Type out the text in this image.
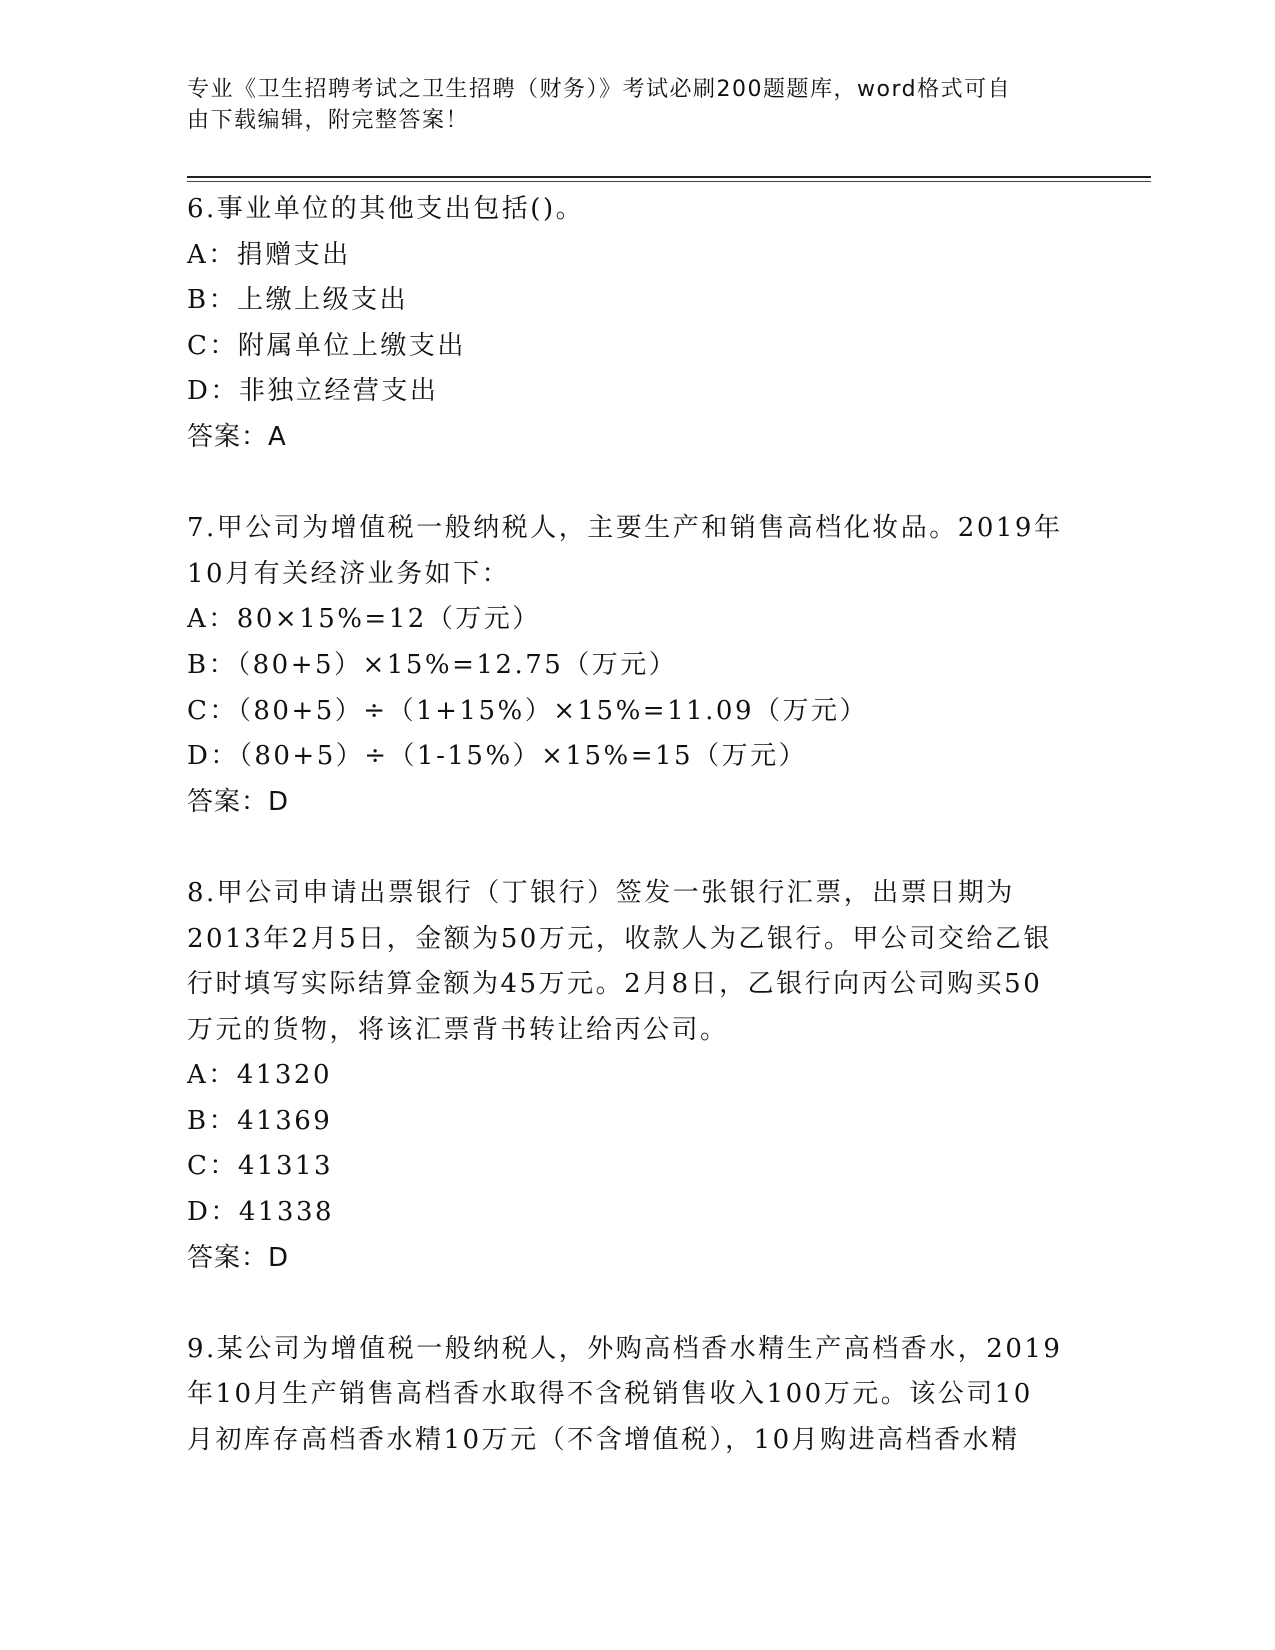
专业《卫生招聘考试之卫生招聘（财务）》考试必刷200题题库，word格式可自
由下载编辑，附完整答案！
6.事业单位的其他支出包括()。
A：捐赠支出
B：上缴上级支出
C：附属单位上缴支出
D：非独立经营支出
答案：A
7.甲公司为增值税一般纳税人，主要生产和销售高档化妆品。2019年
10月有关经济业务如下：
A：80×15%=12（万元）
B：（80+5）×15%=12.75（万元）
C：（80+5）÷（1+15%）×15%=11.09（万元）
D：（80+5）÷（1-15%）×15%=15（万元）
答案：D
8.甲公司申请出票银行（丁银行）签发一张银行汇票，出票日期为
2013年2月5日，金额为50万元，收款人为乙银行。甲公司交给乙银
行时填写实际结算金额为45万元。2月8日，乙银行向丙公司购买50
万元的货物，将该汇票背书转让给丙公司。
A：41320
B：41369
C：41313
D：41338
答案：D
9.某公司为增值税一般纳税人，外购高档香水精生产高档香水，2019
年10月生产销售高档香水取得不含税销售收入100万元。该公司10
月初库存高档香水精10万元（不含增值税），10月购进高档香水精
